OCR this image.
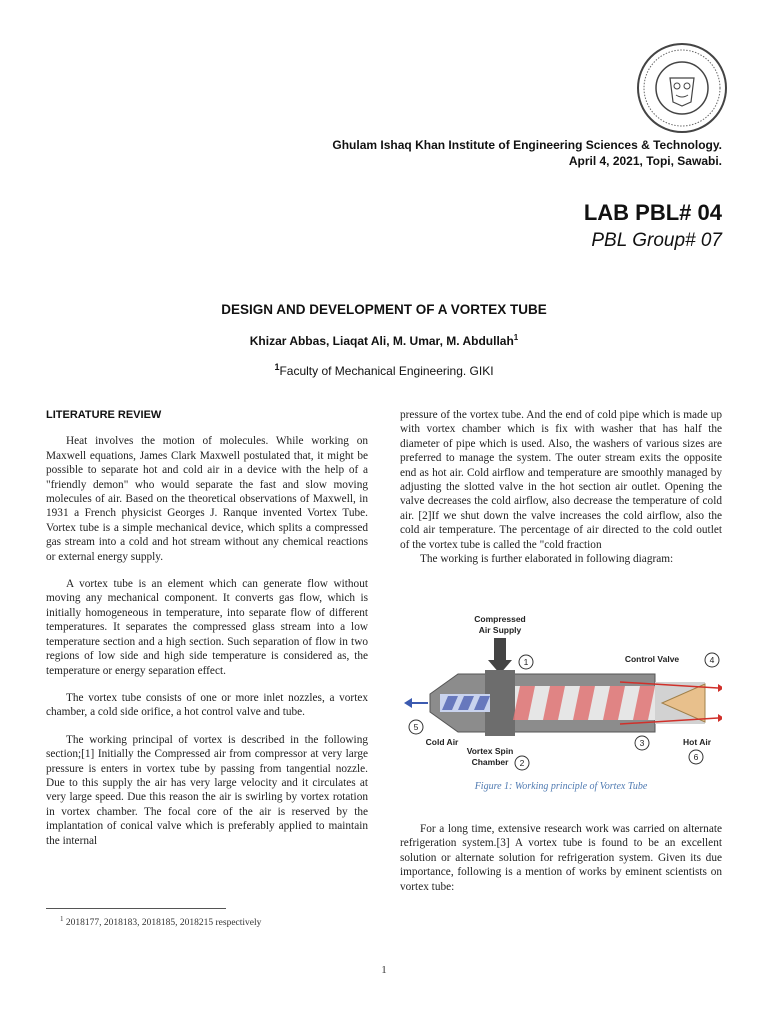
Ghulam Ishaq Khan Institute of Engineering Sciences & Technology.
April 4, 2021, Topi, Sawabi.
LAB PBL# 04
PBL Group# 07
DESIGN AND DEVELOPMENT OF A VORTEX TUBE
Khizar Abbas, Liaqat Ali, M. Umar, M. Abdullah$^1$
$^1$Faculty of Mechanical Engineering. GIKI
LITERATURE REVIEW

Heat involves the motion of molecules. While working on Maxwell equations, James Clark Maxwell postulated that, it might be possible to separate hot and cold air in a device with the help of a "friendly demon" who would separate the fast and slow moving molecules of air. Based on the theoretical observations of Maxwell, in 1931 a French physicist Georges J. Ranque invented Vortex Tube. Vortex tube is a simple mechanical device, which splits a compressed gas stream into a cold and hot stream without any chemical reactions or external energy supply.

A vortex tube is an element which can generate flow without moving any mechanical component. It converts gas flow, which is initially homogeneous in temperature, into separate flow of different temperatures. It separates the compressed glass stream into a low temperature section and a high section. Such separation of flow in two regions of low side and high side temperature is considered as, the temperature or energy separation effect.

The vortex tube consists of one or more inlet nozzles, a vortex chamber, a cold side orifice, a hot control valve and tube.

The working principal of vortex is described in the following section;[1] Initially the Compressed air from compressor at very large pressure is enters in vortex tube by passing from tangential nozzle. Due to this supply the air has very large velocity and it circulates at very large speed. Due this reason the air is swirling by vortex rotation in vortex chamber. The focal core of the air is reserved by the implantation of conical valve which is preferably applied to maintain the internal

pressure of the vortex tube. And the end of cold pipe which is made up with vortex chamber which is fix with washer that has half the diameter of pipe which is used. Also, the washers of various sizes are preferred to manage the system. The outer stream exits the opposite end as hot air. Cold airflow and temperature are smoothly managed by adjusting the slotted valve in the hot section air outlet. Opening the valve decreases the cold airflow, also decrease the temperature of cold air. [2]If we shut down the valve increases the cold airflow, also the cold air temperature. The percentage of air directed to the cold outlet of the vortex tube is called the "cold fraction

The working is further elaborated in following diagram:

Compressed
Air Supply
1	Control Valve	4
5
Cold Air
Vortex Spin
Chamber 2
3	Hot Air
6
Figure 1: Working principle of Vortex Tube

For a long time, extensive research work was carried on alternate refrigeration system.[3] A vortex tube is found to be an excellent solution or alternate solution for refrigeration system. Given its due importance, following is a mention of works by eminent scientists on vortex tube:

$^1$ 2018177, 2018183, 2018185, 2018215 respectively
1
